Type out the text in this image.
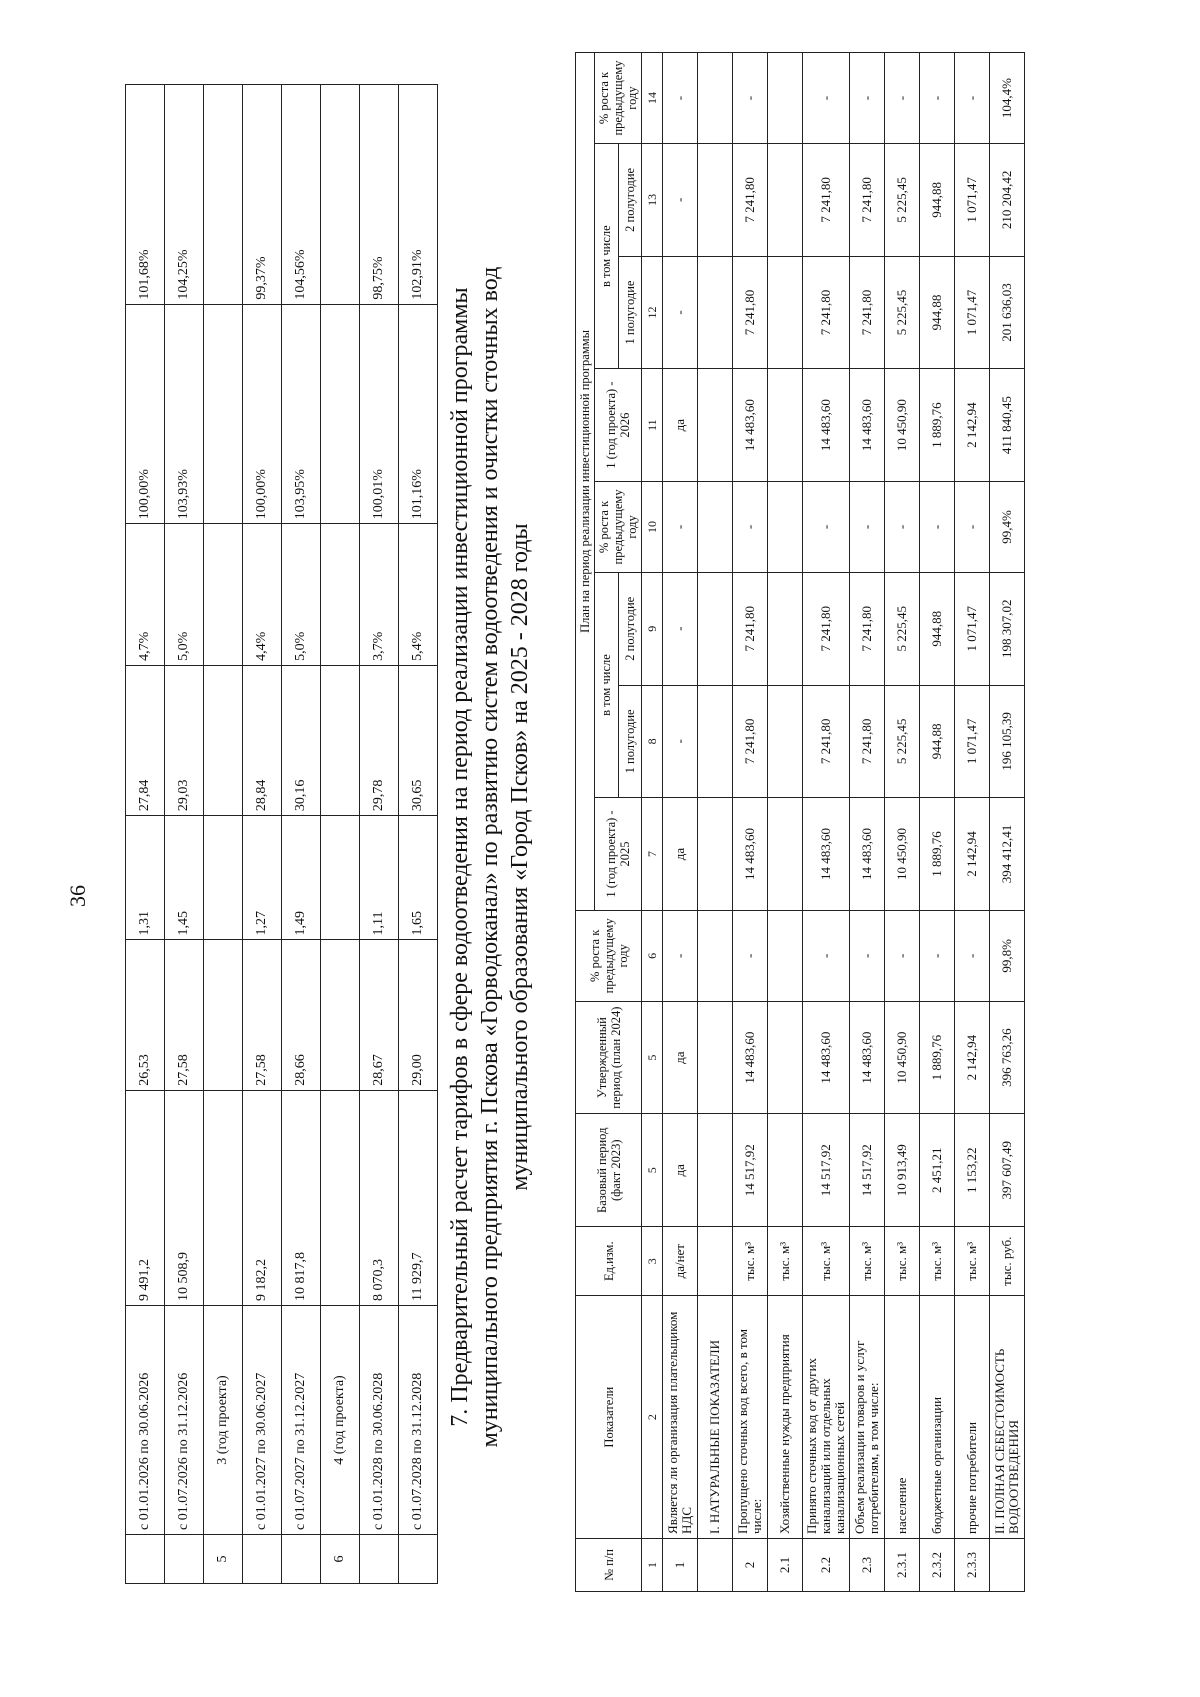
36
	с 01.01.2026 по 30.06.2026	9 491,2	26,53	1,31	27,84	4,7%	100,00%	101,68%
	с 01.07.2026 по 31.12.2026	10 508,9	27,58	1,45	29,03	5,0%	103,93%	104,25%
5	3 (год проекта)							
	с 01.01.2027 по 30.06.2027	9 182,2	27,58	1,27	28,84	4,4%	100,00%	99,37%
	с 01.07.2027 по 31.12.2027	10 817,8	28,66	1,49	30,16	5,0%	103,95%	104,56%
6	4 (год проекта)							
	с 01.01.2028 по 30.06.2028	8 070,3	28,67	1,11	29,78	3,7%	100,01%	98,75%
	с 01.07.2028 по 31.12.2028	11 929,7	29,00	1,65	30,65	5,4%	101,16%	102,91%
7. Предварительный расчет тарифов в сфере водоотведения на период реализации инвестиционной программы муниципального предприятия г. Пскова «Горводоканал» по развитию систем водоотведения и очистки сточных вод муниципального образования «Город Псков» на 2025 - 2028 годы
№ п/п	Показатели	Ед.изм.	Базовый период (факт 2023)	Утвержденный период (план 2024)	% роста к предыдущему году	План на период реализации инвестиционной программы							
						1 (год проекта) - 2025	в том числе		% роста к предыдущему году	1 (год проекта) - 2026	в том числе		% роста к предыдущему году
							1 полугодие	2 полугодие			1 полугодие	2 полугодие	
1	2	3	5	5	6	7	8	9	10	11	12	13	14
1	Является ли организация плательщиком НДС	да/нет	да	да	-	да	-	-	-	да	-	-	-
	I. НАТУРАЛЬНЫЕ ПОКАЗАТЕЛИ												
2	Пропущено сточных вод всего, в том числе:	тыс. м³	14 517,92	14 483,60	-	14 483,60	7 241,80	7 241,80	-	14 483,60	7 241,80	7 241,80	-
2.1	Хозяйственные нужды предприятия	тыс. м³											
2.2	Принято сточных вод от других канализаций или отдельных канализационных сетей	тыс. м³	14 517,92	14 483,60	-	14 483,60	7 241,80	7 241,80	-	14 483,60	7 241,80	7 241,80	-
2.3	Объем реализации товаров и услуг потребителям, в том числе:	тыс. м³	14 517,92	14 483,60	-	14 483,60	7 241,80	7 241,80	-	14 483,60	7 241,80	7 241,80	-
2.3.1	население	тыс. м³	10 913,49	10 450,90	-	10 450,90	5 225,45	5 225,45	-	10 450,90	5 225,45	5 225,45	-
2.3.2	бюджетные организации	тыс. м³	2 451,21	1 889,76	-	1 889,76	944,88	944,88	-	1 889,76	944,88	944,88	-
2.3.3	прочие потребители	тыс. м³	1 153,22	2 142,94	-	2 142,94	1 071,47	1 071,47	-	2 142,94	1 071,47	1 071,47	-
	II. ПОЛНАЯ СЕБЕСТОИМОСТЬ ВОДООТВЕДЕНИЯ	тыс. руб.	397 607,49	396 763,26	99,8%	394 412,41	196 105,39	198 307,02	99,4%	411 840,45	201 636,03	210 204,42	104,4%
